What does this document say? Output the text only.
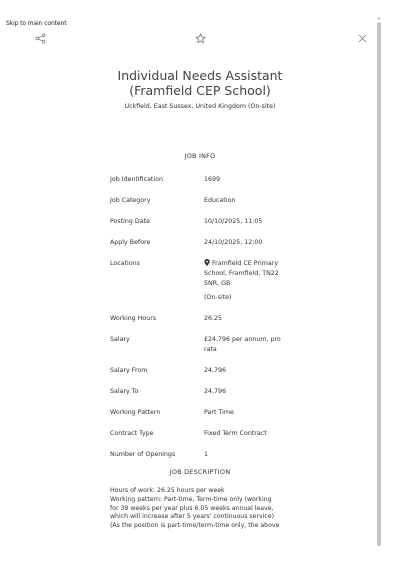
Skip to main content
▲
Individual Needs Assistant
(Framfield CEP School)
Uckfield, East Sussex, United Kingdom (On-site)
JOB INFO
Job Identification	1699
Job Category	Education
Posting Date	10/10/2025, 11:05
Apply Before	24/10/2025, 12:00
Locations	Framfield CE Primary
School, Framfield, TN22
5NR, GB
(On-site)
Working Hours	26.25
Salary	£24,796 per annum, pro
rata
Salary From	24,796
Salary To	24,796
Working Pattern	Part Time
Contract Type	Fixed Term Contract
Number of Openings	1
JOB DESCRIPTION

Hours of work: 26.25 hours per week

Working pattern: Part-time, Term-time only (working

for 39 weeks per year plus 6.05 weeks annual leave,

which will increase after 5 years' continuous service)

(As the position is part-time/term-time only, the above
